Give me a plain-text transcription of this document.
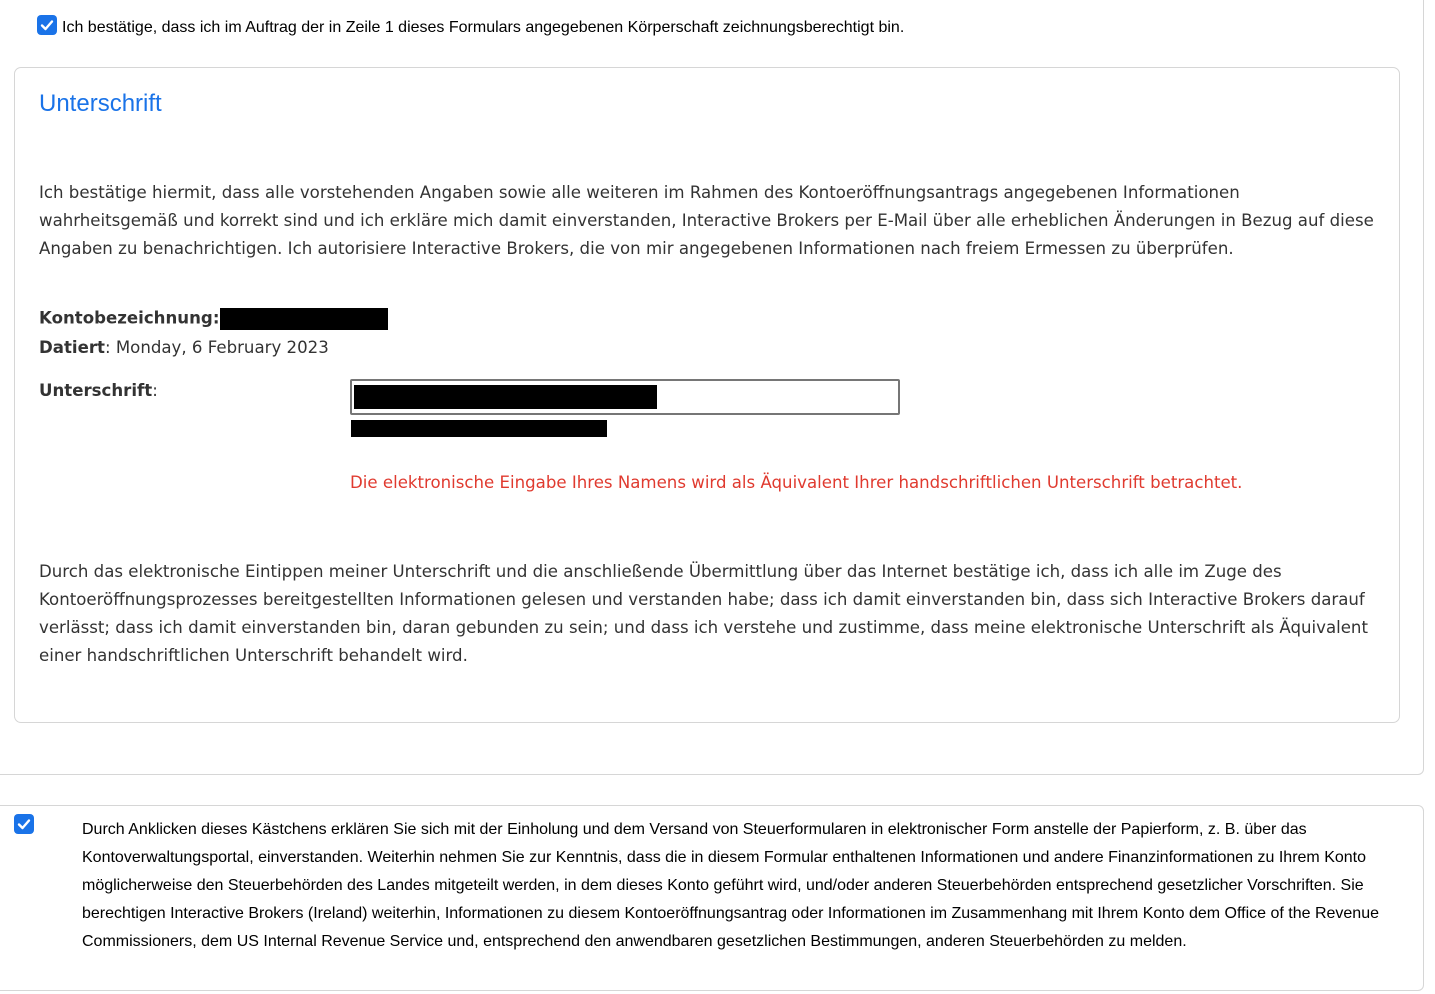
Ich bestätige, dass ich im Auftrag der in Zeile 1 dieses Formulars angegebenen Körperschaft zeichnungsberechtigt bin.
Unterschrift

Ich bestätige hiermit, dass alle vorstehenden Angaben sowie alle weiteren im Rahmen des Kontoeröffnungsantrags angegebenen Informationen wahrheitsgemäß und korrekt sind und ich erkläre mich damit einverstanden, Interactive Brokers per E-Mail über alle erheblichen Änderungen in Bezug auf diese Angaben zu benachrichtigen. Ich autorisiere Interactive Brokers, die von mir angegebenen Informationen nach freiem Ermessen zu überprüfen.

Kontobezeichnung:
Datiert: Monday, 6 February 2023
Unterschrift:
Die elektronische Eingabe Ihres Namens wird als Äquivalent Ihrer handschriftlichen Unterschrift betrachtet.

Durch das elektronische Eintippen meiner Unterschrift und die anschließende Übermittlung über das Internet bestätige ich, dass ich alle im Zuge des Kontoeröffnungsprozesses bereitgestellten Informationen gelesen und verstanden habe; dass ich damit einverstanden bin, dass sich Interactive Brokers darauf verlässt; dass ich damit einverstanden bin, daran gebunden zu sein; und dass ich verstehe und zustimme, dass meine elektronische Unterschrift als Äquivalent einer handschriftlichen Unterschrift behandelt wird.

Durch Anklicken dieses Kästchens erklären Sie sich mit der Einholung und dem Versand von Steuerformularen in elektronischer Form anstelle der Papierform, z. B. über das Kontoverwaltungsportal, einverstanden. Weiterhin nehmen Sie zur Kenntnis, dass die in diesem Formular enthaltenen Informationen und andere Finanzinformationen zu Ihrem Konto möglicherweise den Steuerbehörden des Landes mitgeteilt werden, in dem dieses Konto geführt wird, und/oder anderen Steuerbehörden entsprechend gesetzlicher Vorschriften. Sie berechtigen Interactive Brokers (Ireland) weiterhin, Informationen zu diesem Kontoeröffnungsantrag oder Informationen im Zusammenhang mit Ihrem Konto dem Office of the Revenue Commissioners, dem US Internal Revenue Service und, entsprechend den anwendbaren gesetzlichen Bestimmungen, anderen Steuerbehörden zu melden.
